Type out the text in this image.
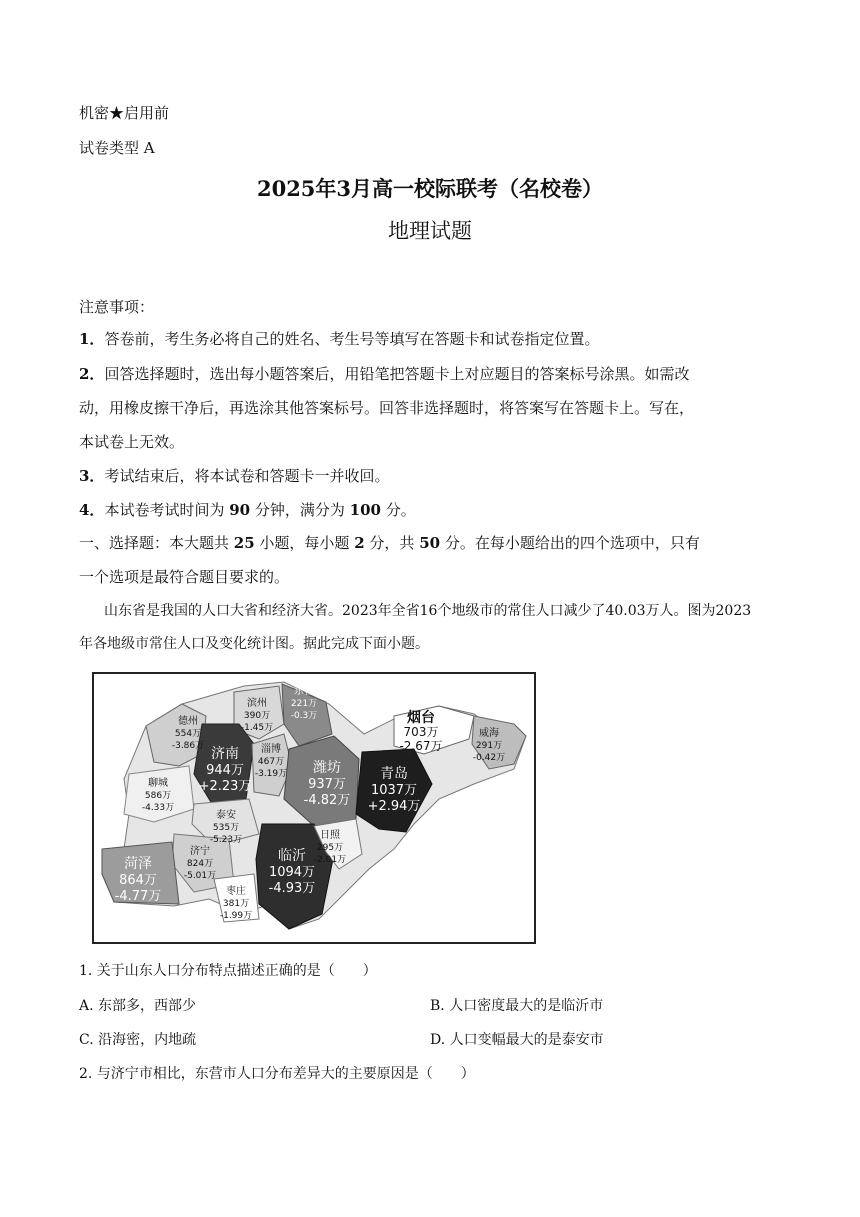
机密★启用前
试卷类型 A
2025年3月高一校际联考（名校卷）
地理试题
注意事项：
1．答卷前，考生务必将自己的姓名、考生号等填写在答题卡和试卷指定位置。
2．回答选择题时，选出每小题答案后，用铅笔把答题卡上对应题目的答案标号涂黑。如需改
动，用橡皮擦干净后，再选涂其他答案标号。回答非选择题时，将答案写在答题卡上。写在，
本试卷上无效。
3．考试结束后，将本试卷和答题卡一并收回。
4．本试卷考试时间为 90 分钟，满分为 100 分。
一、选择题：本大题共 25 小题，每小题 2 分，共 50 分。在每小题给出的四个选项中，只有
一个选项是最符合题目要求的。
山东省是我国的人口大省和经济大省。2023年全省16个地级市的常住人口减少了40.03万人。图为2023
年各地级市常住人口及变化统计图。据此完成下面小题。
德州
554万
-3.86万
滨州
390万
-1.45万
东营
221万
-0.3万	烟台
703万
-2.67万
威海
291万
-0.42万
济南
944万
+2.23万
淄博
467万
-3.19万 潍坊
937万
-4.82万
青岛
1037万
+2.94万
聊城
586万
-4.33万
泰安
535万
-5.23万	日照
295万
-2.01万
济宁
824万
-5.01万
临沂
1094万
-4.93万
菏泽
864万
-4.77万	枣庄
381万
-1.99万
1. 关于山东人口分布特点描述正确的是（　　）
A. 东部多，西部少	B. 人口密度最大的是临沂市
C. 沿海密，内地疏	D. 人口变幅最大的是泰安市
2. 与济宁市相比，东营市人口分布差异大的主要原因是（　　）
